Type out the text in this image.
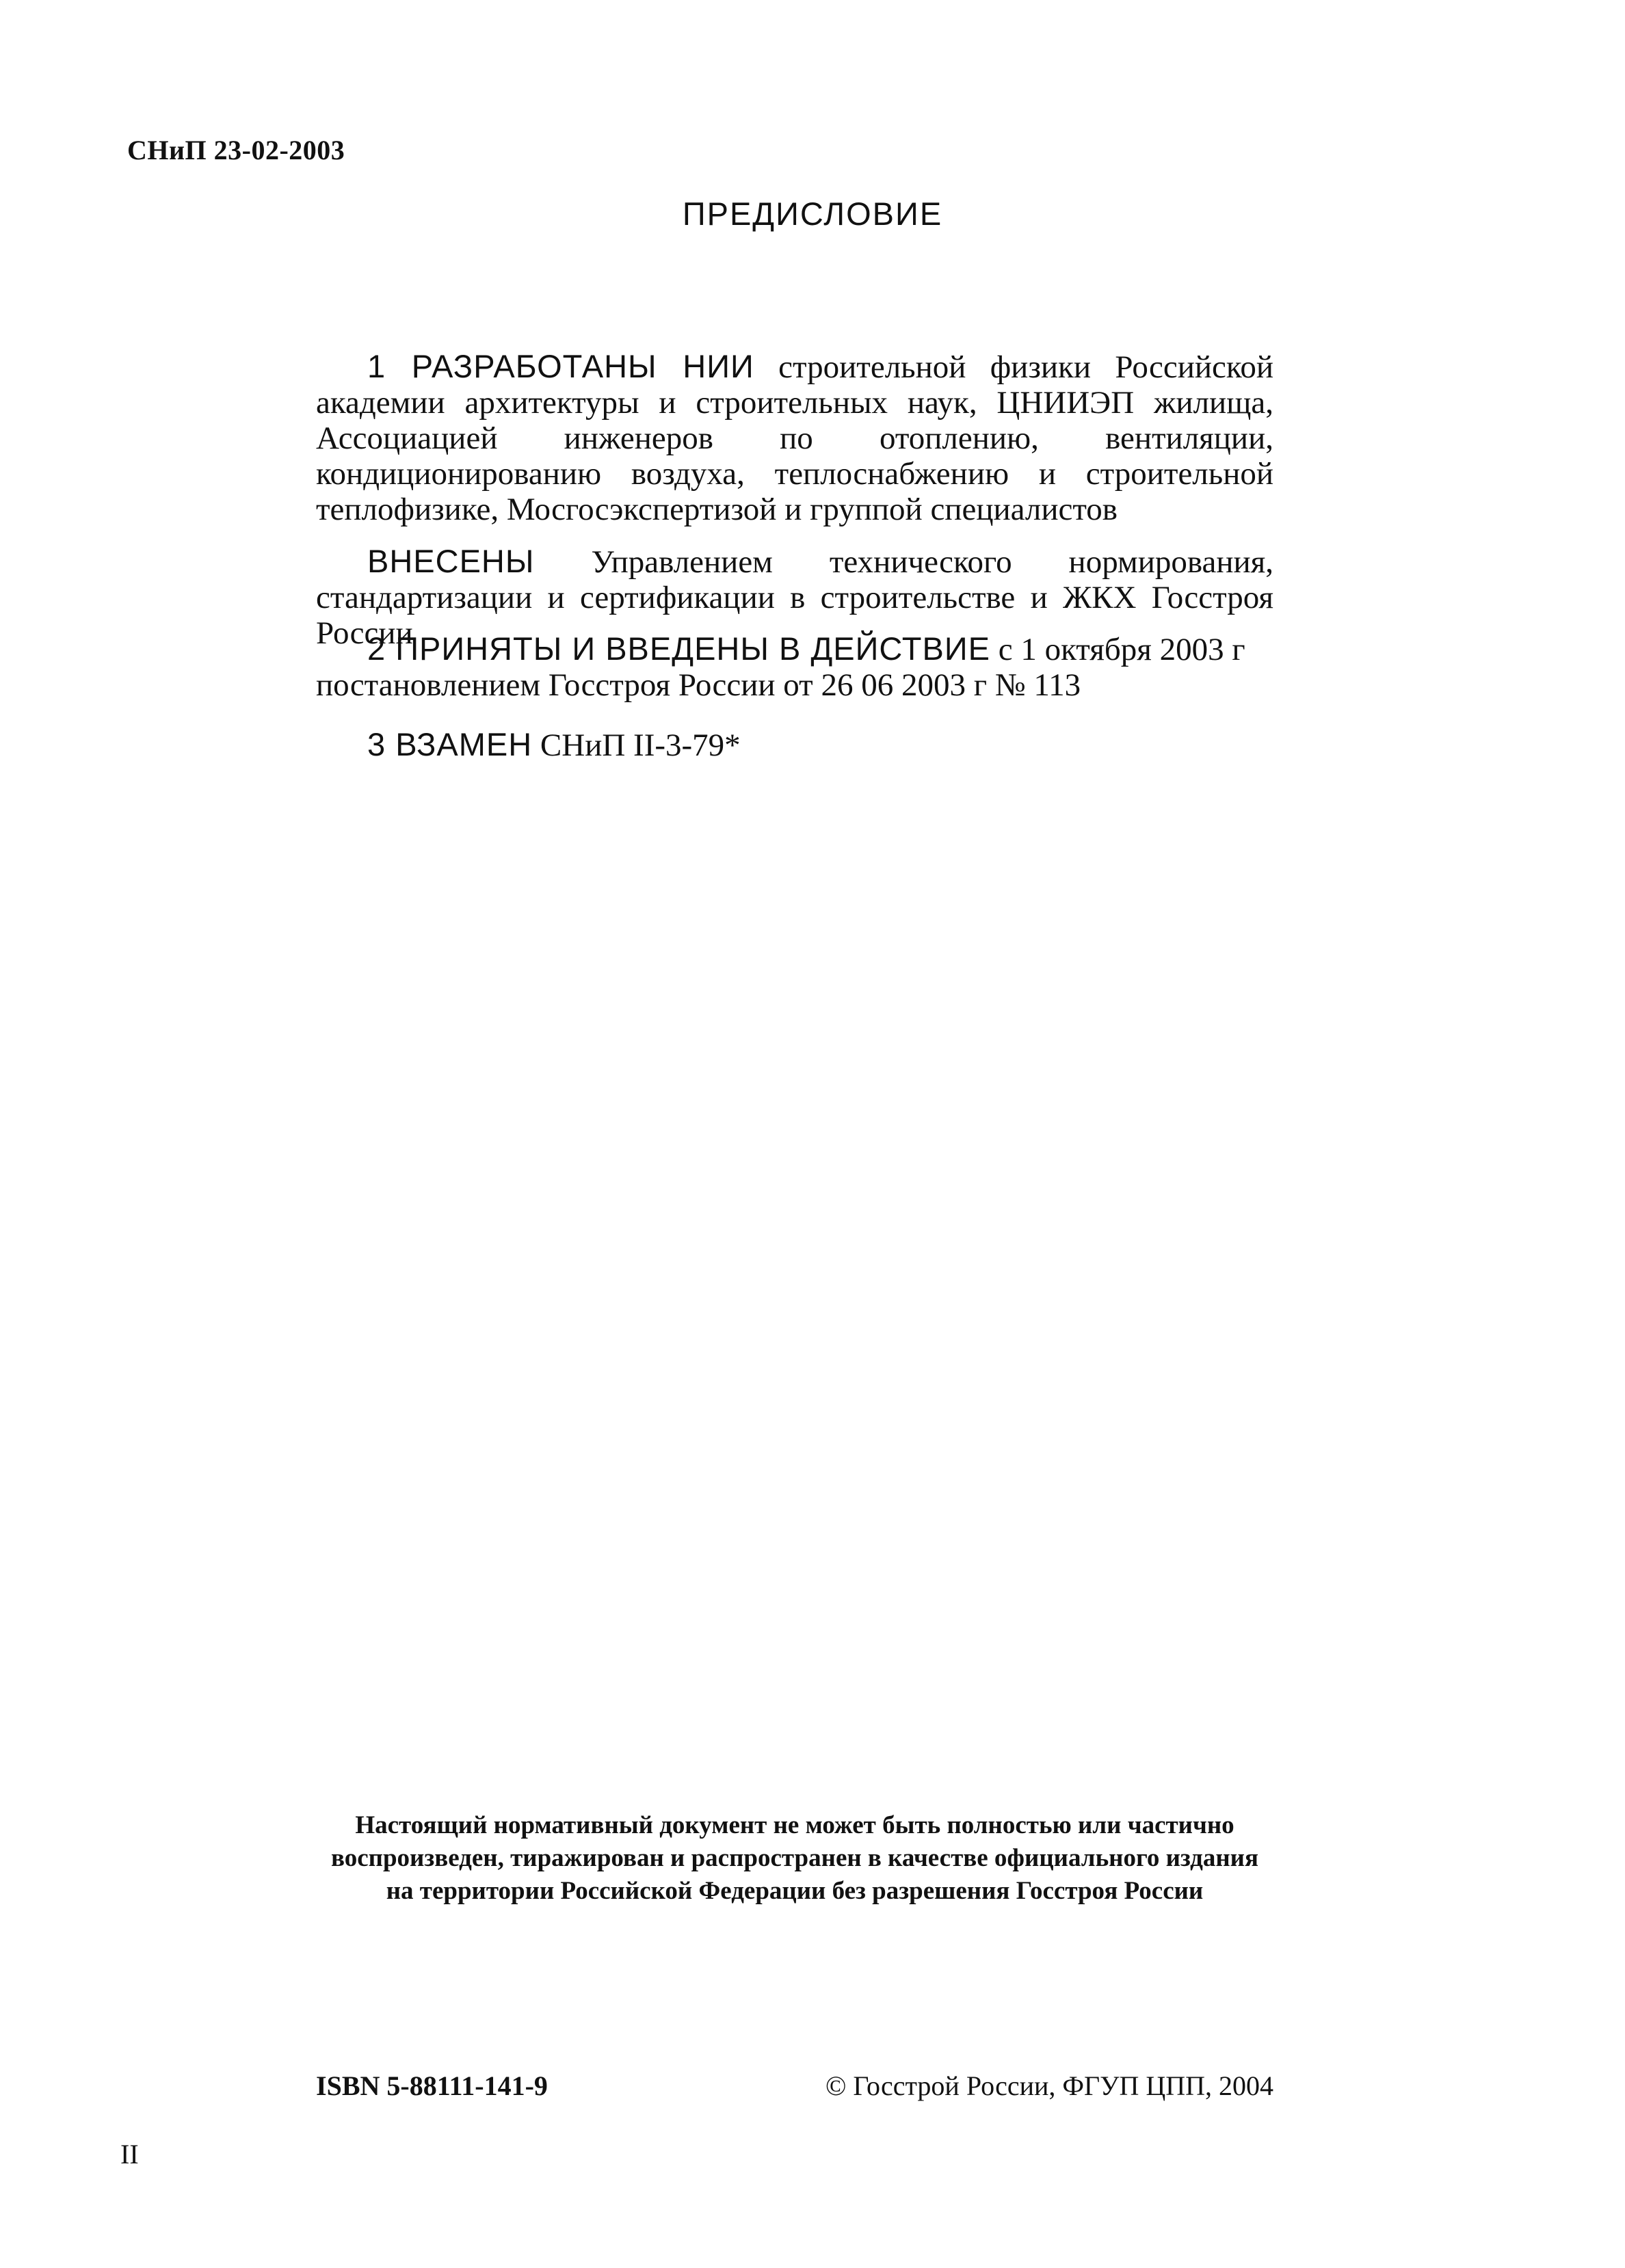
СНиП 23-02-2003
ПРЕДИСЛОВИЕ

1 РАЗРАБОТАНЫ НИИ строительной физики Российской академии архитектуры и строительных наук, ЦНИИЭП жилища, Ассоциацией инженеров по отоплению, вентиляции, кондиционированию воздуха, теплоснабжению и строительной теплофизике, Мосгосэкспертизой и группой специалистов

ВНЕСЕНЫ Управлением технического нормирования, стандартизации и сертификации в строительстве и ЖКХ Госстроя России

2 ПРИНЯТЫ И ВВЕДЕНЫ В ДЕЙСТВИЕ с 1 октября 2003 г постановлением Госстроя России от 26 06 2003 г № 113

3 ВЗАМЕН СНиП II-3-79*

Настоящий нормативный документ не может быть полностью или частично воспроизведен, тиражирован и распространен в качестве официального издания на территории Российской Федерации без разрешения Госстроя России
ISBN 5-88111-141-9	© Госстрой России, ФГУП ЦПП, 2004
II
